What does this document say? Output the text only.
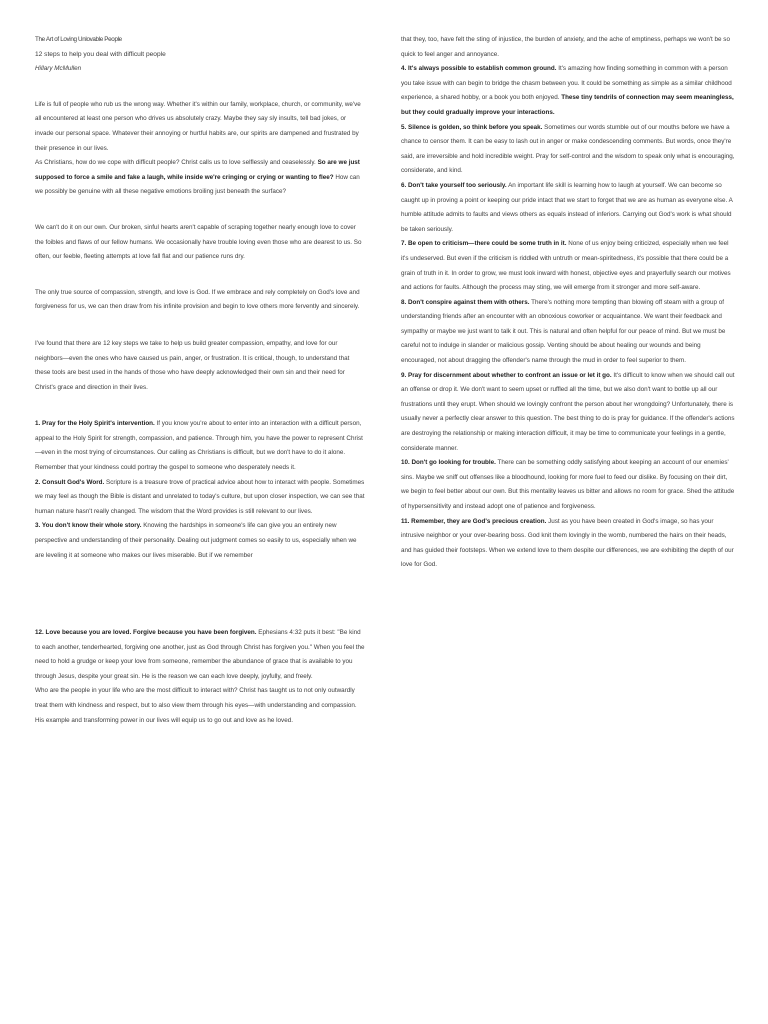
The Art of Loving Unlovable People

12 steps to help you deal with difficult people

Hillary McMullen

Life is full of people who rub us the wrong way. Whether it's within our family, workplace, church, or community, we've all encountered at least one person who drives us absolutely crazy. Maybe they say sly insults, tell bad jokes, or invade our personal space. Whatever their annoying or hurtful habits are, our spirits are dampened and frustrated by their presence in our lives.

As Christians, how do we cope with difficult people? Christ calls us to love selflessly and ceaselessly. So are we just supposed to force a smile and fake a laugh, while inside we're cringing or crying or wanting to flee? How can we possibly be genuine with all these negative emotions broiling just beneath the surface?

We can't do it on our own. Our broken, sinful hearts aren't capable of scraping together nearly enough love to cover the foibles and flaws of our fellow humans. We occasionally have trouble loving even those who are dearest to us. So often, our feeble, fleeting attempts at love fall flat and our patience runs dry.

The only true source of compassion, strength, and love is God. If we embrace and rely completely on God's love and forgiveness for us, we can then draw from his infinite provision and begin to love others more fervently and sincerely.

I've found that there are 12 key steps we take to help us build greater compassion, empathy, and love for our neighbors—even the ones who have caused us pain, anger, or frustration. It is critical, though, to understand that these tools are best used in the hands of those who have deeply acknowledged their own sin and their need for Christ's grace and direction in their lives.

1. Pray for the Holy Spirit's intervention. If you know you're about to enter into an interaction with a difficult person, appeal to the Holy Spirit for strength, compassion, and patience. Through him, you have the power to represent Christ—even in the most trying of circumstances. Our calling as Christians is difficult, but we don't have to do it alone. Remember that your kindness could portray the gospel to someone who desperately needs it.

2. Consult God's Word. Scripture is a treasure trove of practical advice about how to interact with people. Sometimes we may feel as though the Bible is distant and unrelated to today's culture, but upon closer inspection, we can see that human nature hasn't really changed. The wisdom that the Word provides is still relevant to our lives.

3. You don't know their whole story. Knowing the hardships in someone's life can give you an entirely new perspective and understanding of their personality. Dealing out judgment comes so easily to us, especially when we are leveling it at someone who makes our lives miserable. But if we remember

12. Love because you are loved. Forgive because you have been forgiven. Ephesians 4:32 puts it best: "Be kind to each another, tenderhearted, forgiving one another, just as God through Christ has forgiven you." When you feel the need to hold a grudge or keep your love from someone, remember the abundance of grace that is available to you through Jesus, despite your great sin. He is the reason we can each love deeply, joyfully, and freely.

Who are the people in your life who are the most difficult to interact with? Christ has taught us to not only outwardly treat them with kindness and respect, but to also view them through his eyes—with understanding and compassion. His example and transforming power in our lives will equip us to go out and love as he loved.

that they, too, have felt the sting of injustice, the burden of anxiety, and the ache of emptiness, perhaps we won't be so quick to feel anger and annoyance.

4. It's always possible to establish common ground. It's amazing how finding something in common with a person you take issue with can begin to bridge the chasm between you. It could be something as simple as a similar childhood experience, a shared hobby, or a book you both enjoyed. These tiny tendrils of connection may seem meaningless, but they could gradually improve your interactions.

5. Silence is golden, so think before you speak. Sometimes our words stumble out of our mouths before we have a chance to censor them. It can be easy to lash out in anger or make condescending comments. But words, once they're said, are irreversible and hold incredible weight. Pray for self-control and the wisdom to speak only what is encouraging, considerate, and kind.

6. Don't take yourself too seriously. An important life skill is learning how to laugh at yourself. We can become so caught up in proving a point or keeping our pride intact that we start to forget that we are as human as everyone else. A humble attitude admits to faults and views others as equals instead of inferiors. Carrying out God's work is what should be taken seriously.

7. Be open to criticism—there could be some truth in it. None of us enjoy being criticized, especially when we feel it's undeserved. But even if the criticism is riddled with untruth or mean-spiritedness, it's possible that there could be a grain of truth in it. In order to grow, we must look inward with honest, objective eyes and prayerfully search our motives and actions for faults. Although the process may sting, we will emerge from it stronger and more self-aware.

8. Don't conspire against them with others. There's nothing more tempting than blowing off steam with a group of understanding friends after an encounter with an obnoxious coworker or acquaintance. We want their feedback and sympathy or maybe we just want to talk it out. This is natural and often helpful for our peace of mind. But we must be careful not to indulge in slander or malicious gossip. Venting should be about healing our wounds and being encouraged, not about dragging the offender's name through the mud in order to feel superior to them.

9. Pray for discernment about whether to confront an issue or let it go. It's difficult to know when we should call out an offense or drop it. We don't want to seem upset or ruffled all the time, but we also don't want to bottle up all our frustrations until they erupt. When should we lovingly confront the person about her wrongdoing? Unfortunately, there is usually never a perfectly clear answer to this question. The best thing to do is pray for guidance. If the offender's actions are destroying the relationship or making interaction difficult, it may be time to communicate your feelings in a gentle, considerate manner.

10. Don't go looking for trouble. There can be something oddly satisfying about keeping an account of our enemies' sins. Maybe we sniff out offenses like a bloodhound, looking for more fuel to feed our dislike. By focusing on their dirt, we begin to feel better about our own. But this mentality leaves us bitter and allows no room for grace. Shed the attitude of hypersensitivity and instead adopt one of patience and forgiveness.

11. Remember, they are God's precious creation. Just as you have been created in God's image, so has your intrusive neighbor or your over-bearing boss. God knit them lovingly in the womb, numbered the hairs on their heads, and has guided their footsteps. When we extend love to them despite our differences, we are exhibiting the depth of our love for God.
